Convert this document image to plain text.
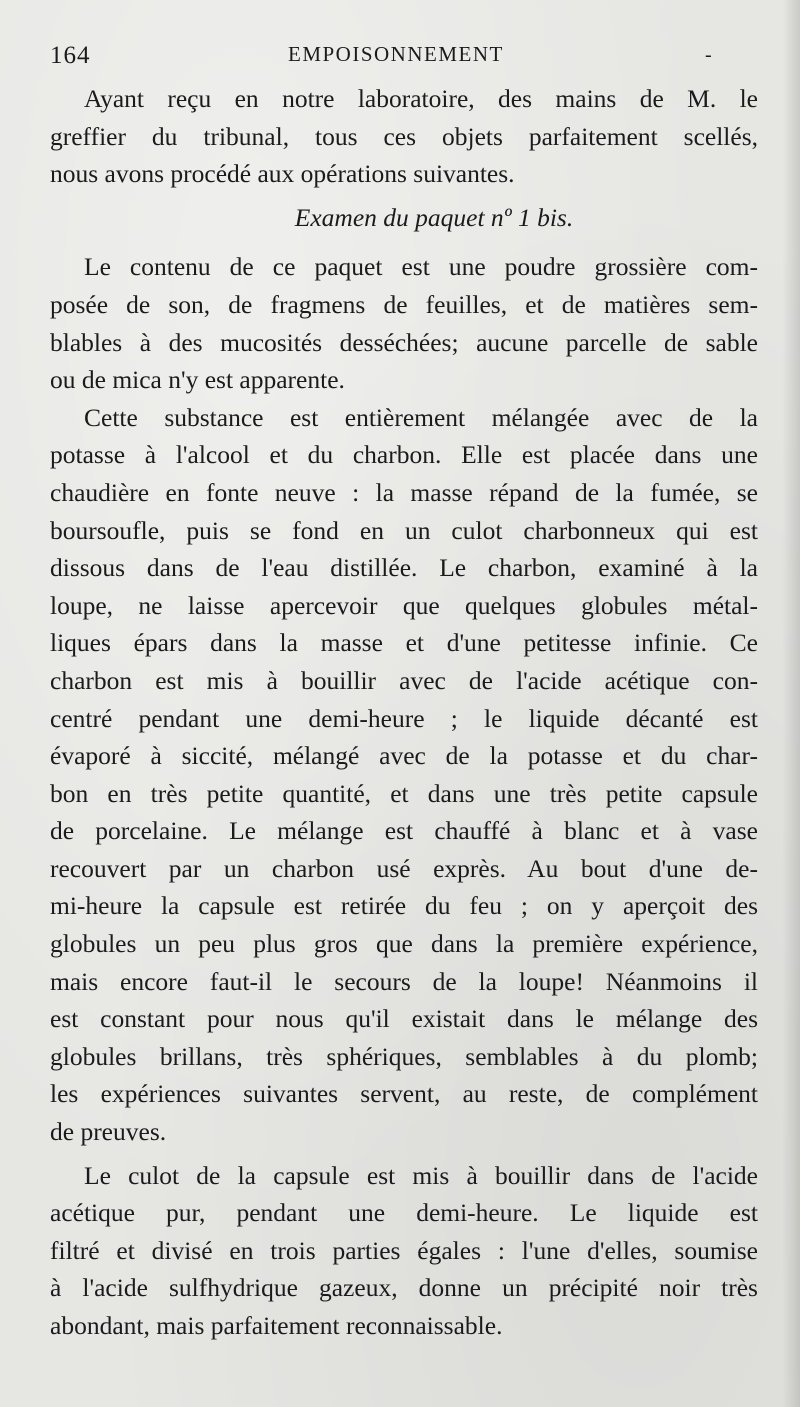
164	EMPOISONNEMENT	-
Ayant reçu en notre laboratoire, des mains de M. le
greffier du tribunal, tous ces objets parfaitement scellés,
nous avons procédé aux opérations suivantes.
Examen du paquet nº 1 bis.
Le contenu de ce paquet est une poudre grossière com-
posée de son, de fragmens de feuilles, et de matières sem-
blables à des mucosités desséchées; aucune parcelle de sable
ou de mica n'y est apparente.
Cette substance est entièrement mélangée avec de la
potasse à l'alcool et du charbon. Elle est placée dans une
chaudière en fonte neuve : la masse répand de la fumée, se
boursoufle, puis se fond en un culot charbonneux qui est
dissous dans de l'eau distillée. Le charbon, examiné à la
loupe, ne laisse apercevoir que quelques globules métal-
liques épars dans la masse et d'une petitesse infinie. Ce
charbon est mis à bouillir avec de l'acide acétique con-
centré pendant une demi-heure ; le liquide décanté est
évaporé à siccité, mélangé avec de la potasse et du char-
bon en très petite quantité, et dans une très petite capsule
de porcelaine. Le mélange est chauffé à blanc et à vase
recouvert par un charbon usé exprès. Au bout d'une de-
mi-heure la capsule est retirée du feu ; on y aperçoit des
globules un peu plus gros que dans la première expérience,
mais encore faut-il le secours de la loupe! Néanmoins il
est constant pour nous qu'il existait dans le mélange des
globules brillans, très sphériques, semblables à du plomb;
les expériences suivantes servent, au reste, de complément
de preuves.
Le culot de la capsule est mis à bouillir dans de l'acide
acétique pur, pendant une demi-heure. Le liquide est
filtré et divisé en trois parties égales : l'une d'elles, soumise
à l'acide sulfhydrique gazeux, donne un précipité noir très
abondant, mais parfaitement reconnaissable.
